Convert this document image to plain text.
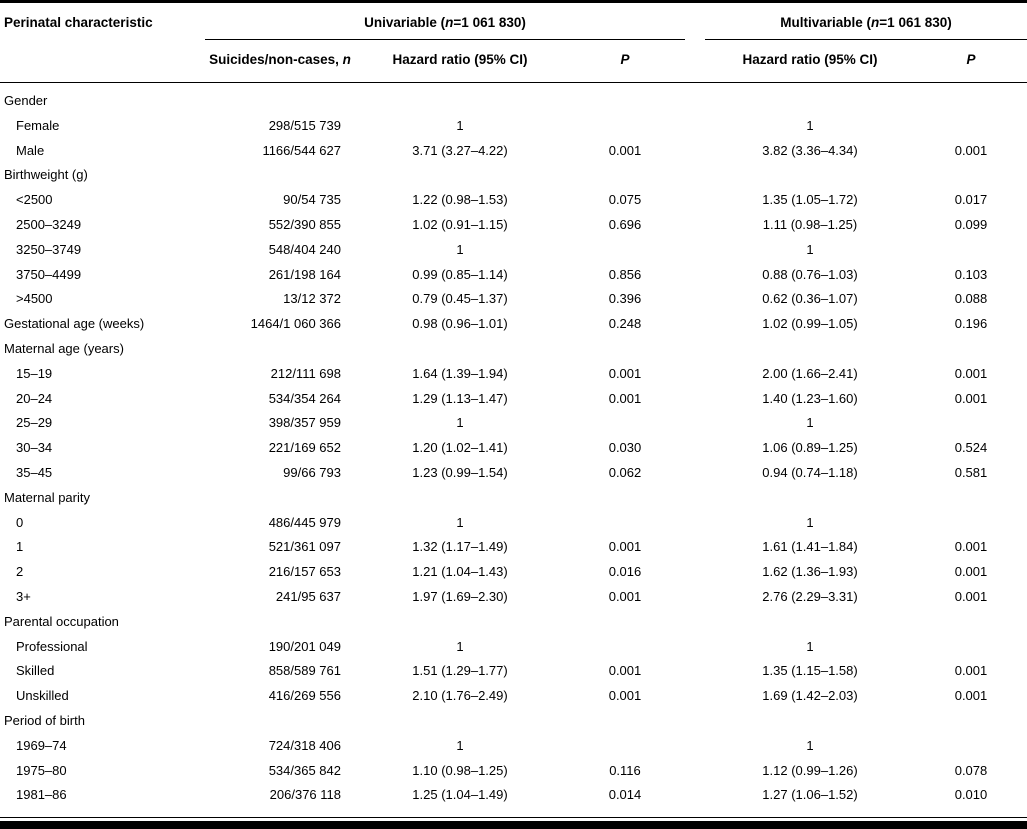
Perinatal characteristic	Univariable (n=1 061 830)				Multivariable (n=1 061 830)	
	Suicides/non-cases, n	Hazard ratio (95% CI)	P		Hazard ratio (95% CI)	P
Gender						
Female	298/515 739	1			1	
Male	1166/544 627	3.71 (3.27–4.22)	0.001		3.82 (3.36–4.34)	0.001
Birthweight (g)						
<2500	90/54 735	1.22 (0.98–1.53)	0.075		1.35 (1.05–1.72)	0.017
2500–3249	552/390 855	1.02 (0.91–1.15)	0.696		1.11 (0.98–1.25)	0.099
3250–3749	548/404 240	1			1	
3750–4499	261/198 164	0.99 (0.85–1.14)	0.856		0.88 (0.76–1.03)	0.103
>4500	13/12 372	0.79 (0.45–1.37)	0.396		0.62 (0.36–1.07)	0.088
Gestational age (weeks)	1464/1 060 366	0.98 (0.96–1.01)	0.248		1.02 (0.99–1.05)	0.196
Maternal age (years)						
15–19	212/111 698	1.64 (1.39–1.94)	0.001		2.00 (1.66–2.41)	0.001
20–24	534/354 264	1.29 (1.13–1.47)	0.001		1.40 (1.23–1.60)	0.001
25–29	398/357 959	1			1	
30–34	221/169 652	1.20 (1.02–1.41)	0.030		1.06 (0.89–1.25)	0.524
35–45	99/66 793	1.23 (0.99–1.54)	0.062		0.94 (0.74–1.18)	0.581
Maternal parity						
0	486/445 979	1			1	
1	521/361 097	1.32 (1.17–1.49)	0.001		1.61 (1.41–1.84)	0.001
2	216/157 653	1.21 (1.04–1.43)	0.016		1.62 (1.36–1.93)	0.001
3+	241/95 637	1.97 (1.69–2.30)	0.001		2.76 (2.29–3.31)	0.001
Parental occupation						
Professional	190/201 049	1			1	
Skilled	858/589 761	1.51 (1.29–1.77)	0.001		1.35 (1.15–1.58)	0.001
Unskilled	416/269 556	2.10 (1.76–2.49)	0.001		1.69 (1.42–2.03)	0.001
Period of birth						
1969–74	724/318 406	1			1	
1975–80	534/365 842	1.10 (0.98–1.25)	0.116		1.12 (0.99–1.26)	0.078
1981–86	206/376 118	1.25 (1.04–1.49)	0.014		1.27 (1.06–1.52)	0.010
